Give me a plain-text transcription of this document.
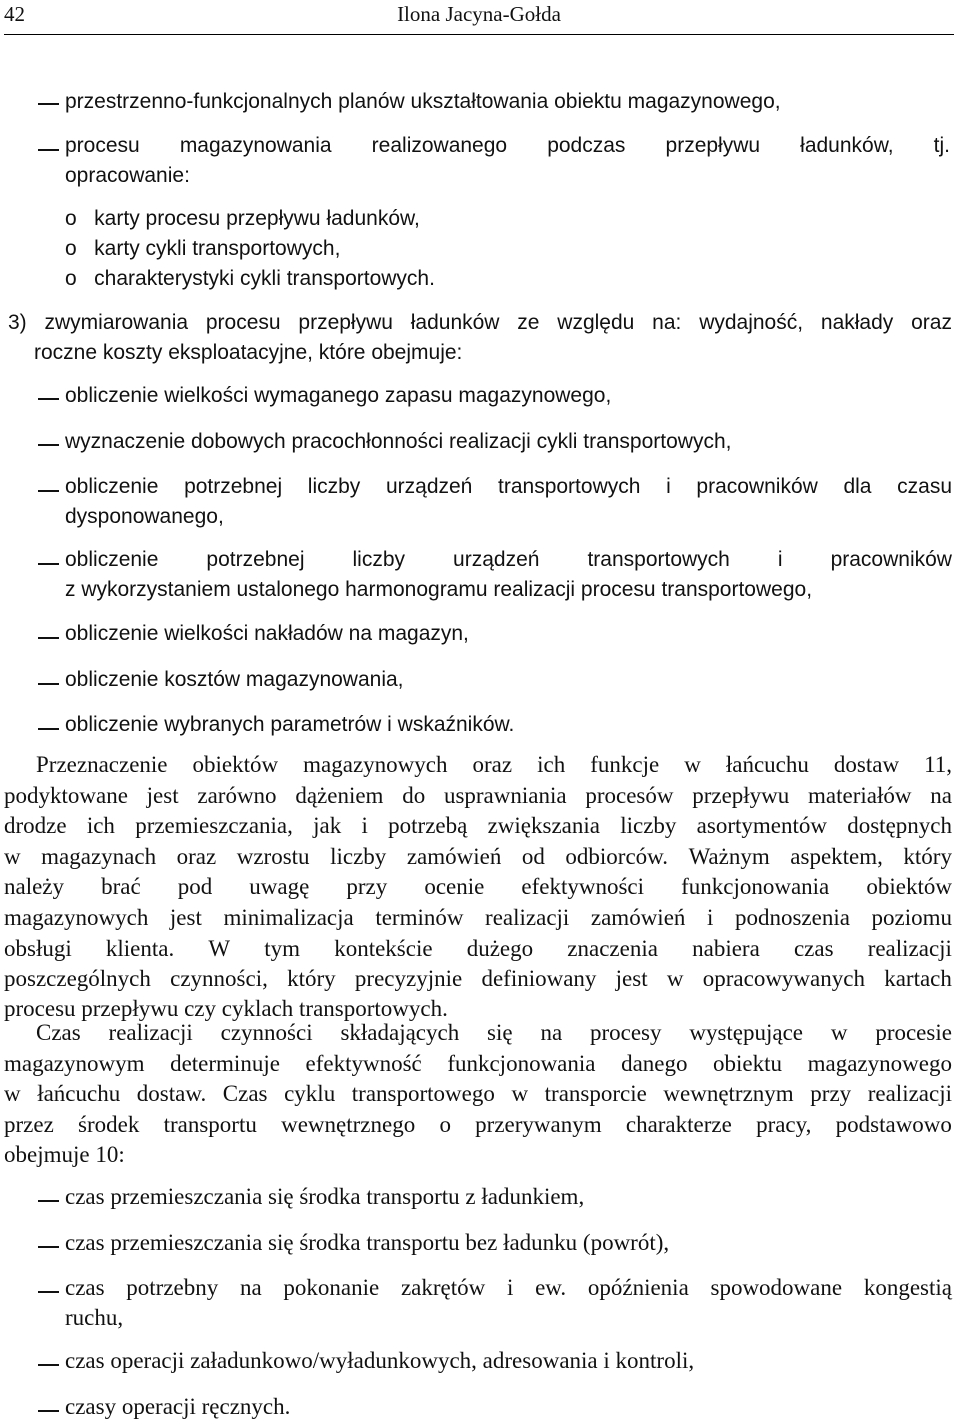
42	Ilona Jacyna-Gołda
przestrzenno-funkcjonalnych planów ukształtowania obiektu magazynowego,
procesu magazynowania realizowanego podczas przepływu ładunków, tj.
opracowanie:
o   karty procesu przepływu ładunków,
o   karty cykli transportowych,
o   charakterystyki cykli transportowych.
3) zwymiarowania procesu przepływu ładunków ze względu na: wydajność, nakłady oraz
roczne koszty eksploatacyjne, które obejmuje:
obliczenie wielkości wymaganego zapasu magazynowego,
wyznaczenie dobowych pracochłonności realizacji cykli transportowych,
obliczenie potrzebnej liczby urządzeń transportowych i pracowników dla czasu
dysponowanego,
obliczenie potrzebnej liczby urządzeń transportowych i pracowników
z wykorzystaniem ustalonego harmonogramu realizacji procesu transportowego,
obliczenie wielkości nakładów na magazyn,
obliczenie kosztów magazynowania,
obliczenie wybranych parametrów i wskaźników.
Przeznaczenie obiektów magazynowych oraz ich funkcje w łańcuchu dostaw 11,
podyktowane jest zarówno dążeniem do usprawniania procesów przepływu materiałów na
drodze ich przemieszczania, jak i potrzebą zwiększania liczby asortymentów dostępnych
w magazynach oraz wzrostu liczby zamówień od odbiorców. Ważnym aspektem, który
należy brać pod uwagę przy ocenie efektywności funkcjonowania obiektów
magazynowych jest minimalizacja terminów realizacji zamówień i podnoszenia poziomu
obsługi klienta. W tym kontekście dużego znaczenia nabiera czas realizacji
poszczególnych czynności, który precyzyjnie definiowany jest w opracowywanych kartach
procesu przepływu czy cyklach transportowych.
Czas realizacji czynności składających się na procesy występujące w procesie
magazynowym determinuje efektywność funkcjonowania danego obiektu magazynowego
w łańcuchu dostaw. Czas cyklu transportowego w transporcie wewnętrznym przy realizacji
przez środek transportu wewnętrznego o przerywanym charakterze pracy, podstawowo
obejmuje 10:
czas przemieszczania się środka transportu z ładunkiem,
czas przemieszczania się środka transportu bez ładunku (powrót),
czas potrzebny na pokonanie zakrętów i ew. opóźnienia spowodowane kongestią
ruchu,
czas operacji załadunkowo/wyładunkowych, adresowania i kontroli,
czasy operacji ręcznych.
